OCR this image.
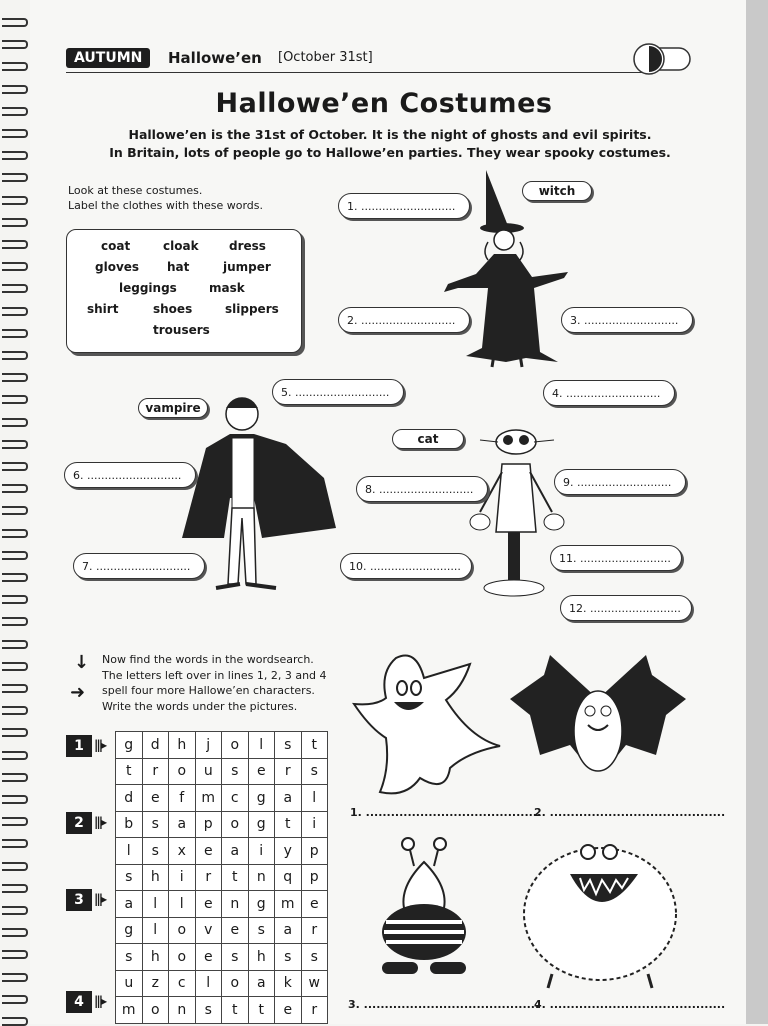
AUTUMN	Hallowe’en [October 31st]
Hallowe’en Costumes
Hallowe’en is the 31st of October. It is the night of ghosts and evil spirits.
In Britain, lots of people go to Hallowe’en parties. They wear spooky costumes.
Look at these costumes.
Label the clothes with these words.
coat	cloak	dress
gloves hat	jumper
leggings	mask
shirt	shoes	slippers
trousers
witch
1. ...........................
2. ...........................	3. ...........................
4. ...........................
vampire
5. ...........................
6. ...........................
7. ...........................
cat
8. ...........................
9. ...........................
10. ..........................
11. ..........................
12. ..........................
↓
➜
Now find the words in the wordsearch.
The letters left over in lines 1, 2, 3 and 4
spell four more Hallowe’en characters.
Write the words under the pictures.
g	d	h	j	o	l	s	t
t	r	o	u	s	e	r	s
d	e	f	m	c	g	a	l
b	s	a	p	o	g	t	i
l	s	x	e	a	i	y	p
s	h	i	r	t	n	q	p
a	l	l	e	n	g	m	e
g	l	o	v	e	s	a	r
s	h	o	e	s	h	s	s
u	z	c	l	o	a	k	w
m	o	n	s	t	t	e	r
1 |||▸
2 |||▸
3 |||▸
4 |||▸
1. ..........................................
2. ..........................................
3. ..........................................
4. ..........................................
